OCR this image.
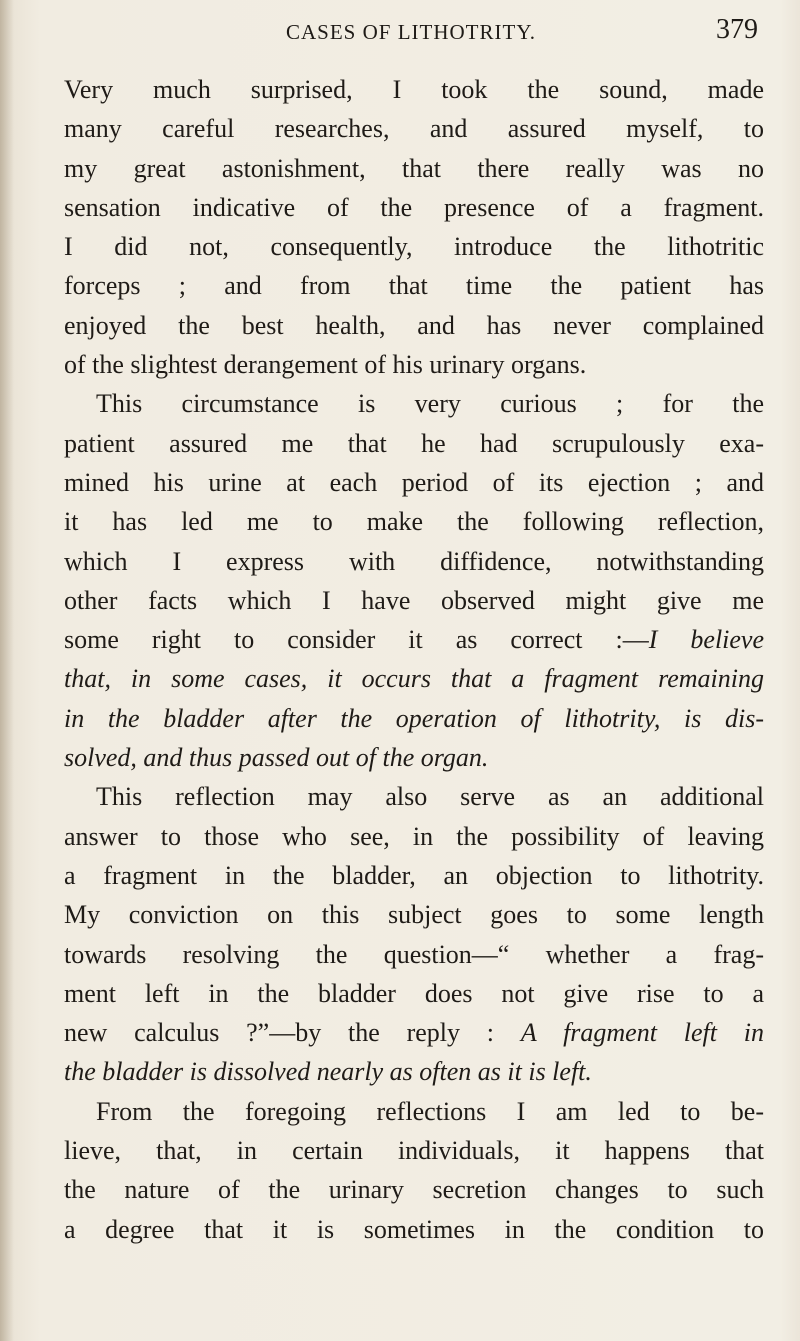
CASES OF LITHOTRITY.	379
Very much surprised, I took the sound, made
many careful researches, and assured myself, to
my great astonishment, that there really was no
sensation indicative of the presence of a fragment.
I did not, consequently, introduce the lithotritic
forceps ; and from that time the patient has
enjoyed the best health, and has never complained
of the slightest derangement of his urinary organs.
This circumstance is very curious ; for the
patient assured me that he had scrupulously exa-
mined his urine at each period of its ejection ; and
it has led me to make the following reflection,
which I express with diffidence, notwithstanding
other facts which I have observed might give me
some right to consider it as correct :—I believe
that, in some cases, it occurs that a fragment remaining
in the bladder after the operation of lithotrity, is dis-
solved, and thus passed out of the organ.
This reflection may also serve as an additional
answer to those who see, in the possibility of leaving
a fragment in the bladder, an objection to lithotrity.
My conviction on this subject goes to some length
towards resolving the question—“ whether a frag-
ment left in the bladder does not give rise to a
new calculus ?”—by the reply : A fragment left in
the bladder is dissolved nearly as often as it is left.
From the foregoing reflections I am led to be-
lieve, that, in certain individuals, it happens that
the nature of the urinary secretion changes to such
a degree that it is sometimes in the condition to
